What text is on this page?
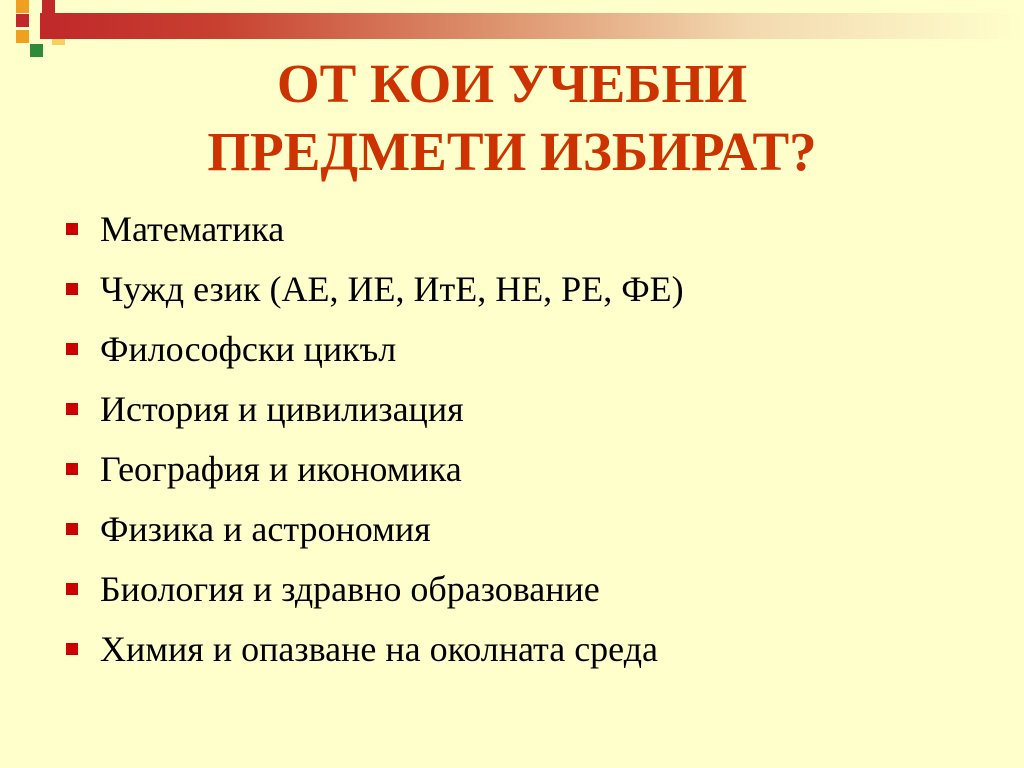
ОТ КОИ УЧЕБНИ
ПРЕДМЕТИ ИЗБИРАТ?
Математика
Чужд език (АЕ, ИЕ, ИтЕ, НЕ, РЕ, ФЕ)
Философски цикъл
История и цивилизация
География и икономика
Физика и астрономия
Биология и здравно образование
Химия и опазване на околната среда
